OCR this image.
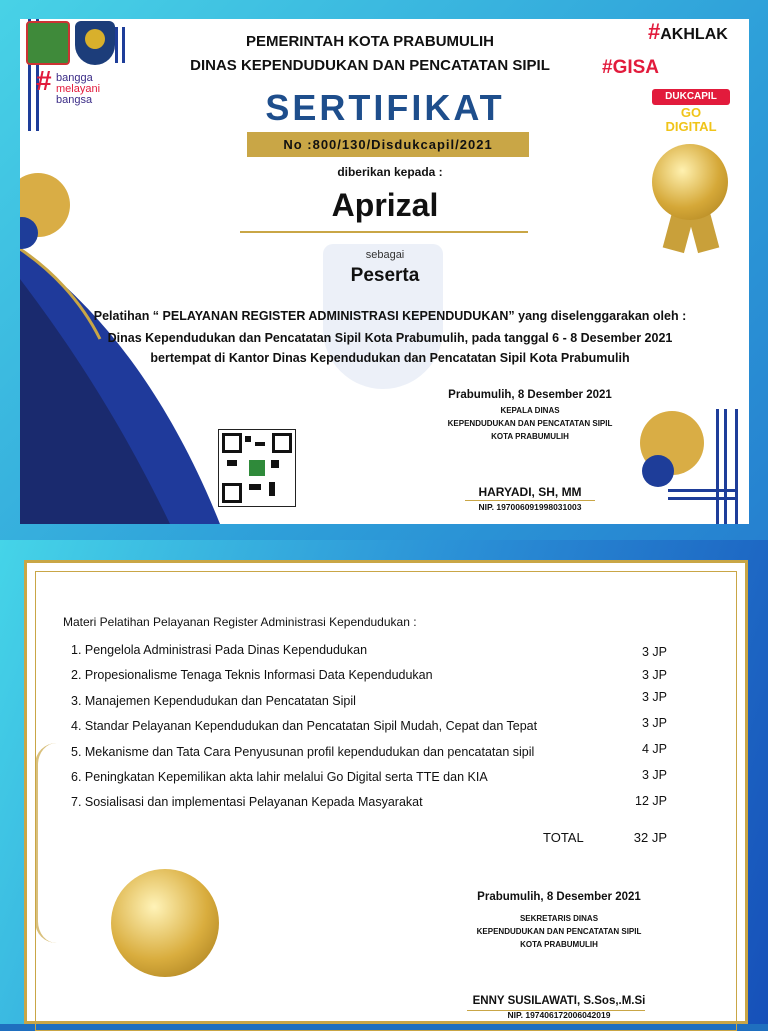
# bangga
melayani
bangsa
PEMERINTAH KOTA PRABUMULIH
DINAS KEPENDUDUKAN DAN PENCATATAN SIPIL
SERTIFIKAT
No :800/130/Disdukcapil/2021
diberikan kepada :
Aprizal
sebagai
Peserta
Pelatihan “ PELAYANAN REGISTER ADMINISTRASI KEPENDUDUKAN” yang diselenggarakan oleh :
Dinas Kependudukan dan Pencatatan Sipil Kota Prabumulih, pada tanggal 6 - 8 Desember 2021
bertempat di Kantor Dinas Kependudukan dan Pencatatan Sipil Kota Prabumulih
Prabumulih, 8 Desember 2021
KEPALA DINAS
KEPENDUDUKAN DAN PENCATATAN SIPIL
KOTA PRABUMULIH
HARYADI, SH, MM
NIP. 197006091998031003
#AKHLAK
#GISA
DUKCAPIL
GO
DIGITAL
Materi Pelatihan Pelayanan Register Administrasi Kependudukan :
1. Pengelola Administrasi Pada Dinas Kependudukan	3 JP
2. Propesionalisme Tenaga Teknis Informasi Data Kependudukan	3 JP
3. Manajemen Kependudukan dan Pencatatan Sipil	3 JP
4. Standar Pelayanan Kependudukan dan Pencatatan Sipil Mudah, Cepat dan Tepat	3 JP
5. Mekanisme dan Tata Cara Penyusunan profil kependudukan dan pencatatan sipil	4 JP
6. Peningkatan Kepemilikan akta lahir melalui Go Digital serta TTE dan KIA	3 JP
7. Sosialisasi dan implementasi Pelayanan Kepada Masyarakat	12 JP
TOTAL	32 JP
Prabumulih, 8 Desember 2021
SEKRETARIS DINAS
KEPENDUDUKAN DAN PENCATATAN SIPIL
KOTA PRABUMULIH
ENNY SUSILAWATI, S.Sos,.M.Si
NIP. 197406172006042019
